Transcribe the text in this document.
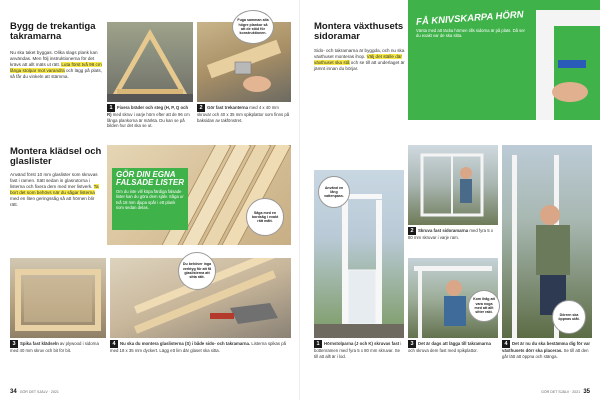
Bygg de trekantiga takramarna
Nu ska taket byggas. Olika slags plank kan användas. Men följ instruktionerna för det krävs att allt mäts ut rätt. Luta först två 96 cm långa stolpar mot varandra och lägg på plats, så får du vinkeln att stämma.
1 Fixera bräder och steg (H, P, Q och R) med skruv i varje hörn efter att de 96 cm långa plankorna är märkta. Du kan se på bilden hur det ska se ut.
Fuga samman alla högre plankor så att de stöd för konstruktionen.
2 Gör fast trekanterna med 4 x 40 mm skruvar och 40 x 35 mm spikplattor som finns på baksidan av takfönstret.
Montera klädsel och glaslister
Använd först 10 mm glaslister som skruvas fast i ramen. Sätt sedan in glasrutorna i listerna och fixera dem med mer listverk. Ta bort det som behövs när du sågar listerna med en liten geringssåg så att hörnen blir rätt.
GÖR DIN EGNA FALSADE LISTER
Om du inte vill köpa färdiga falsade lister kan du göra dem själv. Såga ur två 18 mm djupa spår i ett plank som sedan delas.
Såga med en bordsåg i exakt rätt mått.
3 Spika fast klädseln av plywood i sidorna med 40 mm skruv och bit för bit.
Du behöver inga verktyg för att få glaslisterna att sitta rätt.
4 Nu ska du montera glaslisterna (S) i både sido- och takramarna. Listerna spikas på med 18 x 35 mm dyckert. Lägg ett lim där glaset ska sitta.
34 GÖR DET SJÄLV · 2021
Montera växthusets sidoramar
Sido- och takramarna är byggda, och nu ska växthuset monteras ihop. Välj det ställe där växthuset ska stå och se till att underlaget är jämnt innan du börjar.
FÅ KNIVSKARPA HÖRN
Vänta med att täcka hörnen tills sidorna är på plats. Då ser du exakt var de ska sitta.
Använd en lång vattenpass.
1 Hörnstolparna (J och K) skruvas fast i bottenramen med fyra 5 x 80 mm skruvar. Se till att allt är i lod.
2 Skruva fast sidoramarna med fyra 5 x 80 mm skruvar i varje ram.
Kom ihåg att vara noga med att allt sitter rakt.
3 Det är dags att lägga till takramarna och skruva dem fast med spikplattor.
Dörren ska öppnas utåt.
4 Det är nu du ska bestämma dig för var växthusets dörr ska placeras. Se till att den går lätt att öppna och stänga.
GÖR DET SJÄLV · 2021 35
